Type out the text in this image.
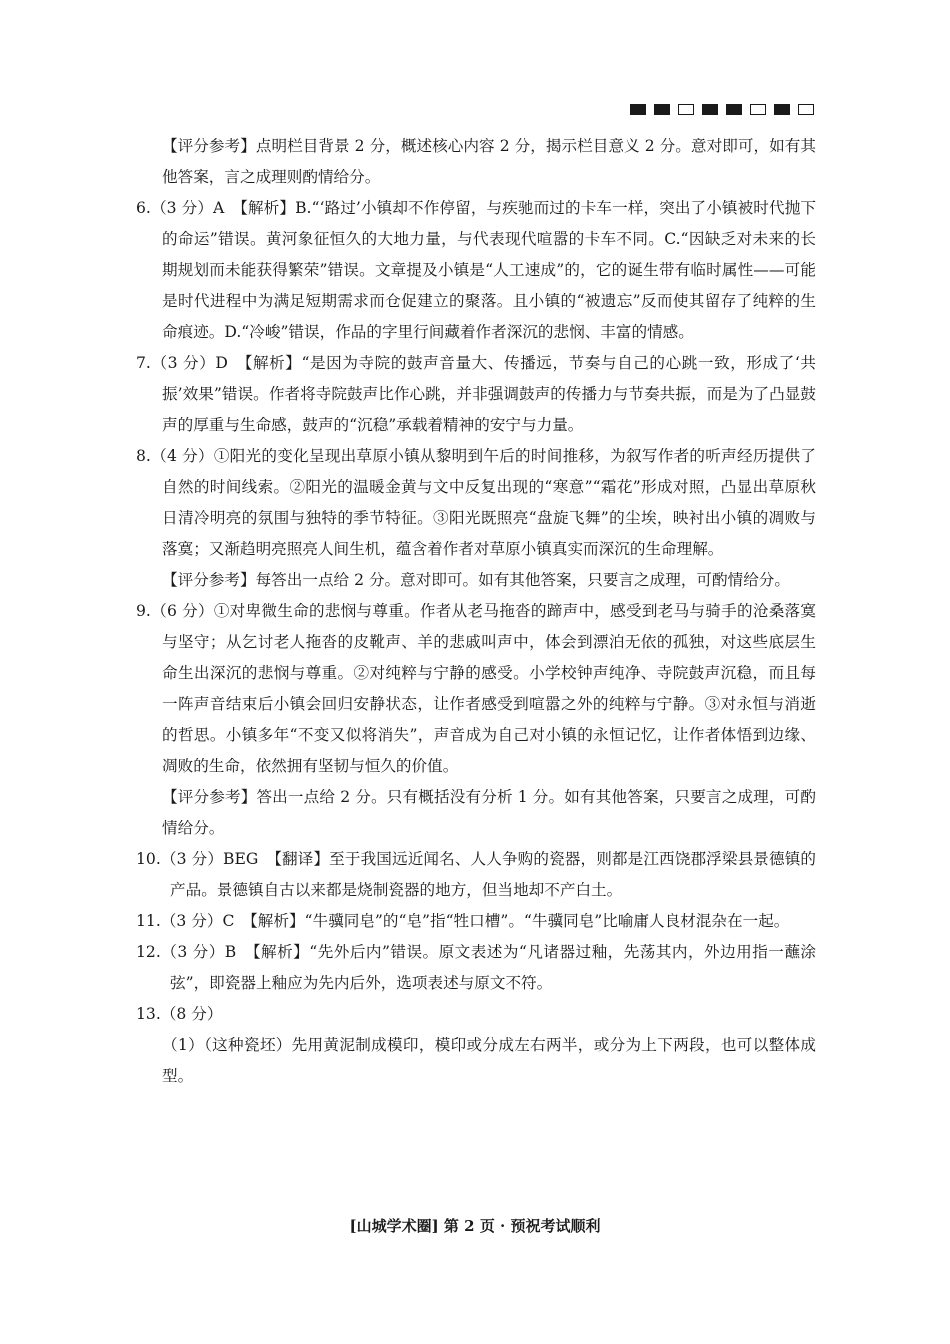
【评分参考】点明栏目背景 2 分，概述核心内容 2 分，揭示栏目意义 2 分。意对即可，如有其他答案，言之成理则酌情给分。
6.（3 分）A　【解析】B.“‘路过’小镇却不作停留，与疾驰而过的卡车一样，突出了小镇被时代抛下的命运”错误。黄河象征恒久的大地力量，与代表现代喧嚣的卡车不同。C.“因缺乏对未来的长期规划而未能获得繁荣”错误。文章提及小镇是“人工速成”的，它的诞生带有临时属性——可能是时代进程中为满足短期需求而仓促建立的聚落。且小镇的“被遗忘”反而使其留存了纯粹的生命痕迹。D.“冷峻”错误，作品的字里行间藏着作者深沉的悲悯、丰富的情感。
7.（3 分）D　【解析】“是因为寺院的鼓声音量大、传播远，节奏与自己的心跳一致，形成了‘共振’效果”错误。作者将寺院鼓声比作心跳，并非强调鼓声的传播力与节奏共振，而是为了凸显鼓声的厚重与生命感，鼓声的“沉稳”承载着精神的安宁与力量。
8.（4 分）①阳光的变化呈现出草原小镇从黎明到午后的时间推移，为叙写作者的听声经历提供了自然的时间线索。②阳光的温暖金黄与文中反复出现的“寒意”“霜花”形成对照，凸显出草原秋日清冷明亮的氛围与独特的季节特征。③阳光既照亮“盘旋飞舞”的尘埃，映衬出小镇的凋败与落寞；又渐趋明亮照亮人间生机，蕴含着作者对草原小镇真实而深沉的生命理解。
【评分参考】每答出一点给 2 分。意对即可。如有其他答案，只要言之成理，可酌情给分。
9.（6 分）①对卑微生命的悲悯与尊重。作者从老马拖沓的蹄声中，感受到老马与骑手的沧桑落寞与坚守；从乞讨老人拖沓的皮靴声、羊的悲戚叫声中，体会到漂泊无依的孤独，对这些底层生命生出深沉的悲悯与尊重。②对纯粹与宁静的感受。小学校钟声纯净、寺院鼓声沉稳，而且每一阵声音结束后小镇会回归安静状态，让作者感受到喧嚣之外的纯粹与宁静。③对永恒与消逝的哲思。小镇多年“不变又似将消失”，声音成为自己对小镇的永恒记忆，让作者体悟到边缘、凋败的生命，依然拥有坚韧与恒久的价值。
【评分参考】答出一点给 2 分。只有概括没有分析 1 分。如有其他答案，只要言之成理，可酌情给分。
10.（3 分）BEG　【翻译】至于我国远近闻名、人人争购的瓷器，则都是江西饶郡浮梁县景德镇的产品。景德镇自古以来都是烧制瓷器的地方，但当地却不产白土。
11.（3 分）C　【解析】“牛骥同皂”的“皂”指“牲口槽”。“牛骥同皂”比喻庸人良材混杂在一起。
12.（3 分）B　【解析】“先外后内”错误。原文表述为“凡诸器过釉，先荡其内，外边用指一蘸涂弦”，即瓷器上釉应为先内后外，选项表述与原文不符。
13.（8 分）
（1）（这种瓷坯）先用黄泥制成模印，模印或分成左右两半，或分为上下两段，也可以整体成型。
[山城学术圈] 第 2 页 · 预祝考试顺利
